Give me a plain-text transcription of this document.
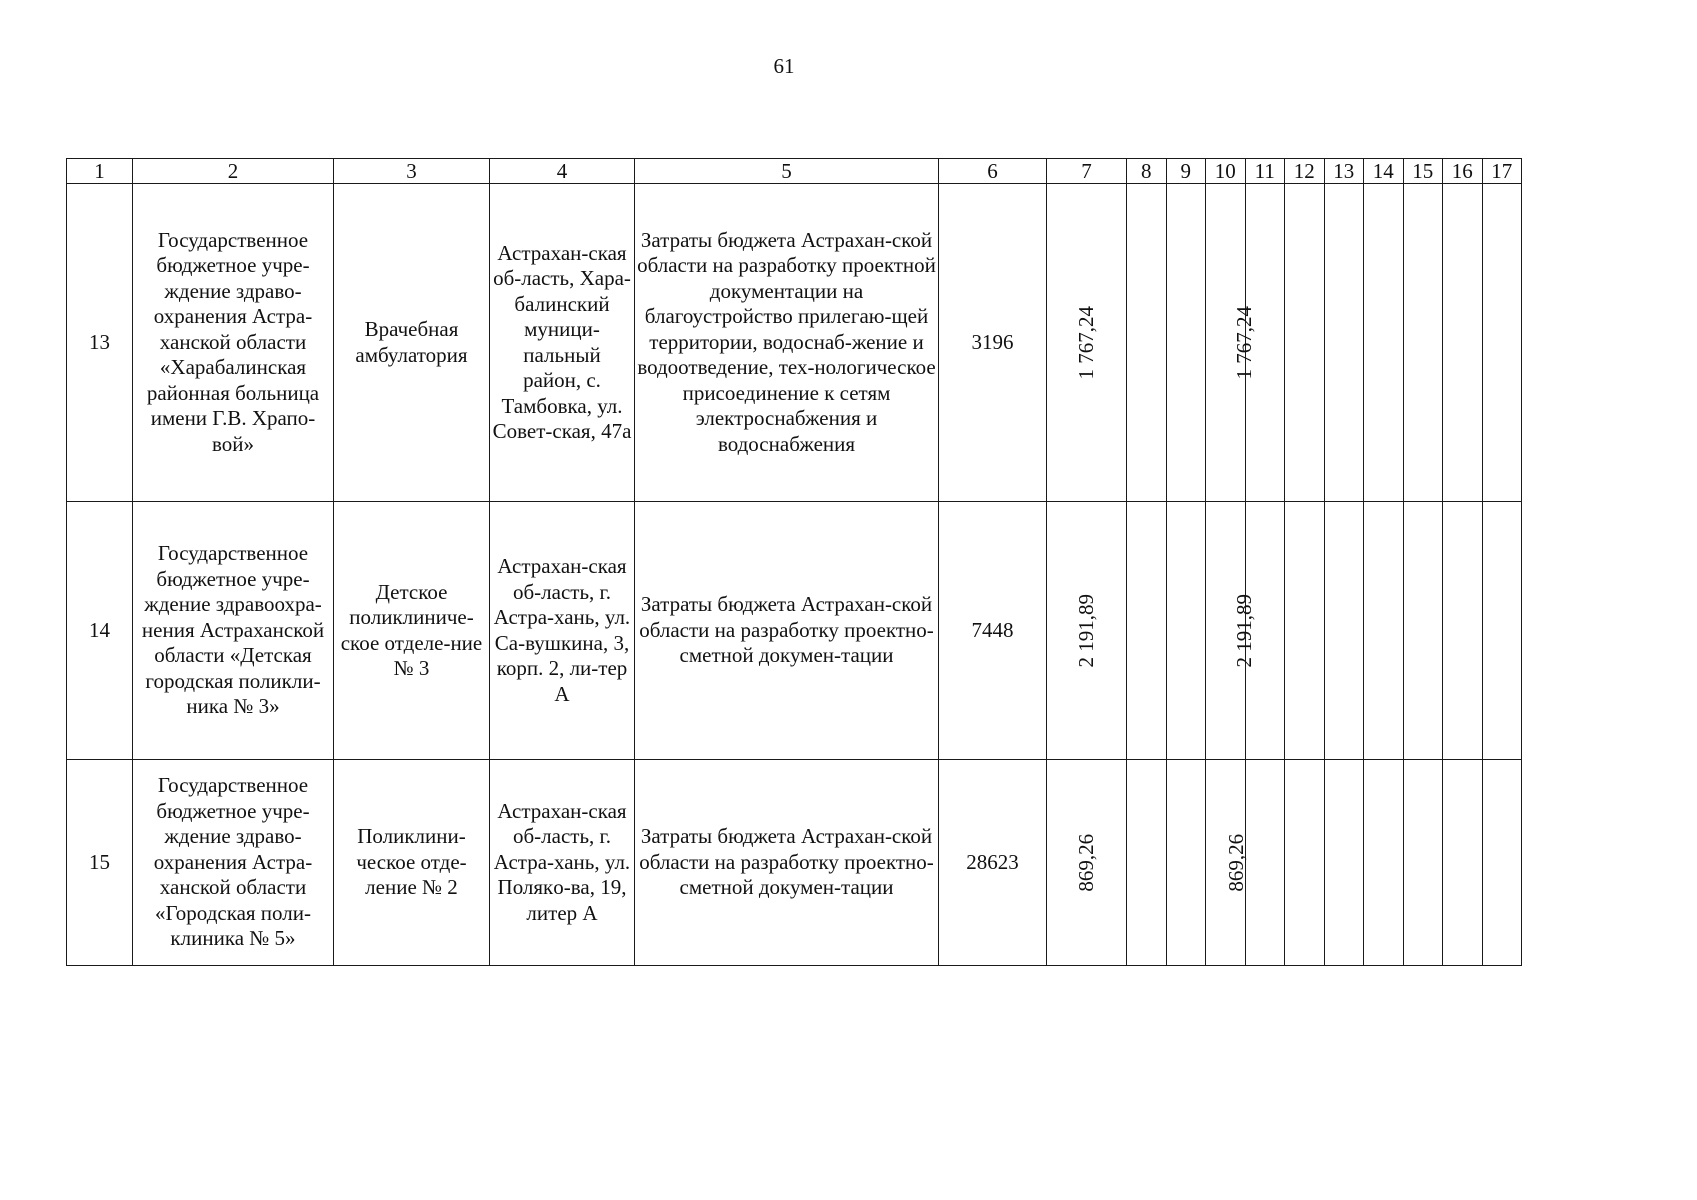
61
1	2	3	4	5	6	7	8	9	10	11	12	13	14	15	16	17
13	Государственное бюджетное учре-ждение здраво-охранения Астра-ханской области «Харабалинская районная больница имени Г.В. Храпо-вой»	Врачебная амбулатория	Астрахан-ская об-ласть, Хара-балинский муници-пальный район, с. Тамбовка, ул. Совет-ская, 47а	Затраты бюджета Астрахан-ской области на разработку проектной документации на благоустройство прилегаю-щей территории, водоснаб-жение и водоотведение, тех-нологическое присоединение к сетям электроснабжения и водоснабжения	3196	1 767,24			1 767,24							
14	Государственное бюджетное учре-ждение здравоохра-нения Астраханской области «Детская городская поликли-ника № 3»	Детское поликлиниче-ское отделе-ние № 3	Астрахан-ская об-ласть, г. Астра-хань, ул. Са-вушкина, 3, корп. 2, ли-тер А	Затраты бюджета Астрахан-ской области на разработку проектно-сметной докумен-тации	7448	2 191,89			2 191,89							
15	Государственное бюджетное учре-ждение здраво-охранения Астра-ханской области «Городская поли-клиника № 5»	Поликлини-ческое отде-ление № 2	Астрахан-ская об-ласть, г. Астра-хань, ул. Полякo-ва, 19, литер А	Затраты бюджета Астрахан-ской области на разработку проектно-сметной докумен-тации	28623	869,26			869,26							
